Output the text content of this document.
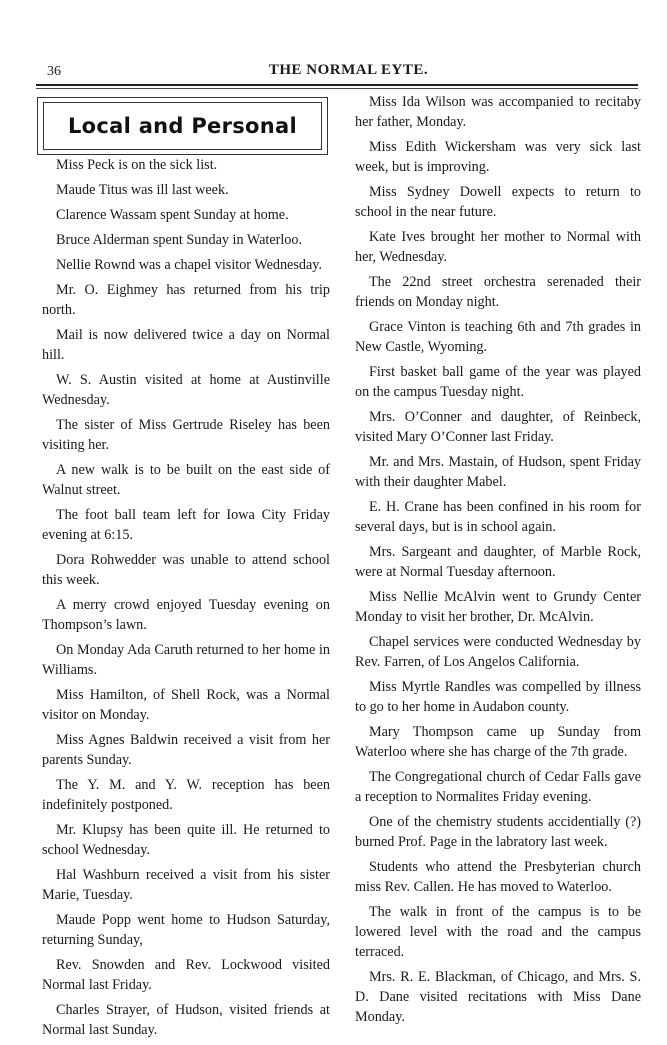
36	THE NORMAL EYTE.
Local and Personal

Miss Peck is on the sick list.

Maude Titus was ill last week.

Clarence Wassam spent Sunday at home.

Bruce Alderman spent Sunday in Waterloo.

Nellie Rownd was a chapel visitor Wednesday.

Mr. O. Eighmey has returned from his trip north.

Mail is now delivered twice a day on Normal hill.

W. S. Austin visited at home at Austinville Wednesday.

The sister of Miss Gertrude Riseley has been visiting her.

A new walk is to be built on the east side of Walnut street.

The foot ball team left for Iowa City Friday evening at 6:15.

Dora Rohwedder was unable to attend school this week.

A merry crowd enjoyed Tuesday evening on Thompson’s lawn.

On Monday Ada Caruth returned to her home in Williams.

Miss Hamilton, of Shell Rock, was a Normal visitor on Monday.

Miss Agnes Baldwin received a visit from her parents Sunday.

The Y. M. and Y. W. reception has been indefinitely postponed.

Mr. Klupsy has been quite ill. He returned to school Wednesday.

Hal Washburn received a visit from his sister Marie, Tuesday.

Maude Popp went home to Hudson Saturday, returning Sunday,

Rev. Snowden and Rev. Lockwood visited Normal last Friday.

Charles Strayer, of Hudson, visited friends at Normal last Sunday.

Miss Ida Wilson was accompanied to recitaby her father, Monday.

Miss Edith Wickersham was very sick last week, but is improving.

Miss Sydney Dowell expects to return to school in the near future.

Kate Ives brought her mother to Normal with her, Wednesday.

The 22nd street orchestra serenaded their friends on Monday night.

Grace Vinton is teaching 6th and 7th grades in New Castle, Wyoming.

First basket ball game of the year was played on the campus Tuesday night.

Mrs. O’Conner and daughter, of Reinbeck, visited Mary O’Conner last Friday.

Mr. and Mrs. Mastain, of Hudson, spent Friday with their daughter Mabel.

E. H. Crane has been confined in his room for several days, but is in school again.

Mrs. Sargeant and daughter, of Marble Rock, were at Normal Tuesday afternoon.

Miss Nellie McAlvin went to Grundy Center Monday to visit her brother, Dr. McAlvin.

Chapel services were conducted Wednesday by Rev. Farren, of Los Angelos California.

Miss Myrtle Randles was compelled by illness to go to her home in Audabon county.

Mary Thompson came up Sunday from Waterloo where she has charge of the 7th grade.

The Congregational church of Cedar Falls gave a reception to Normalites Friday evening.

One of the chemistry students accidentially (?) burned Prof. Page in the labratory last week.

Students who attend the Presbyterian church miss Rev. Callen. He has moved to Waterloo.

The walk in front of the campus is to be lowered level with the road and the campus terraced.

Mrs. R. E. Blackman, of Chicago, and Mrs. S. D. Dane visited recitations with Miss Dane Monday.
